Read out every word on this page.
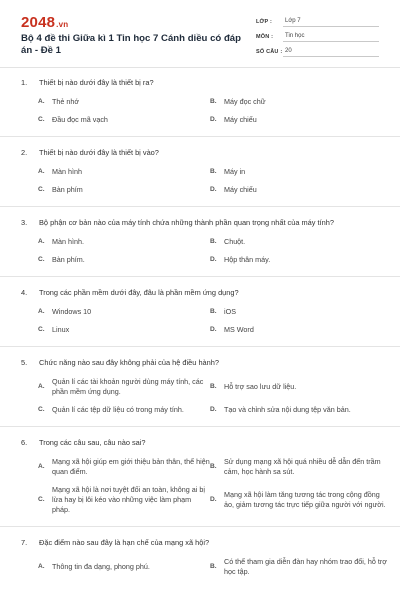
2048.vn
Bộ 4 đề thi Giữa kì 1 Tin học 7 Cánh diều có đáp án - Đề 1
LỚP :	Lớp 7
MÔN :	Tin học
SỐ CÂU : 20
1.	Thiết bị nào dưới đây là thiết bị ra?
A.	Thẻ nhớ	B.	Máy đọc chữ
C.	Đầu đọc mã vạch	D.	Máy chiếu
2.	Thiết bị nào dưới đây là thiết bị vào?
A.	Màn hình	B.	Máy in
C.	Bàn phím	D.	Máy chiếu
3.	Bộ phận cơ bản nào của máy tính chứa những thành phần quan trọng nhất của máy tính?
A.	Màn hình.	B.	Chuột.
C.	Bàn phím.	D.	Hộp thân máy.
4.	Trong các phần mềm dưới đây, đâu là phần mềm ứng dụng?
A.	Windows 10	B.	iOS
C.	Linux	D.	MS Word
5.	Chức năng nào sau đây không phải của hệ điều hành?
A.
Quản lí các tài khoản người dùng máy tính, các phần mềm ứng dụng.
B.	Hỗ trợ sao lưu dữ liệu.
C.	Quản lí các tệp dữ liệu có trong máy tính.	D.	Tạo và chỉnh sửa nội dung tệp văn bản.
6.	Trong các câu sau, câu nào sai?
A.
Mạng xã hội giúp em giới thiệu bản thân, thể hiện quan điểm.
B.
Sử dụng mạng xã hội quá nhiều dễ dẫn đến trầm cảm, học hành sa sút.
C.
Mạng xã hội là nơi tuyệt đối an toàn, không ai bị lừa hay bị lôi kéo vào những việc làm phạm pháp.
D.
Mạng xã hội làm tăng tương tác trong cộng đồng ảo, giảm tương tác trực tiếp giữa người với người.
7.	Đặc điểm nào sau đây là hạn chế của mạng xã hội?
A.	Thông tin đa dạng, phong phú.	B.
Có thể tham gia diễn đàn hay nhóm trao đổi, hỗ trợ học tập.
